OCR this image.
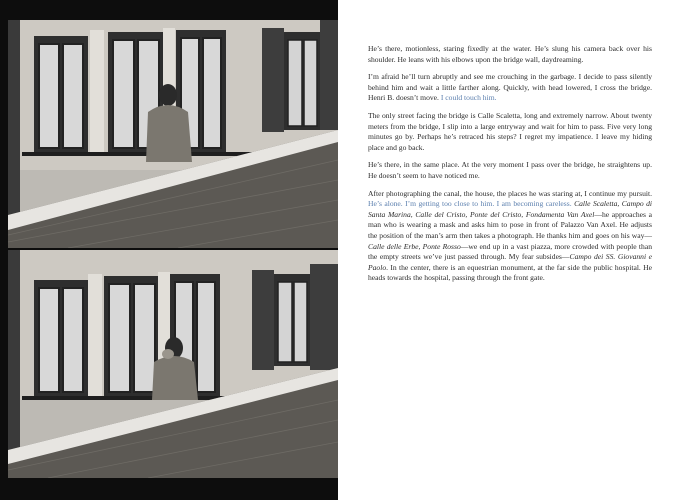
He’s there, motionless, staring fixedly at the water. He’s slung his camera back over his shoulder. He leans with his elbows upon the bridge wall, daydreaming.

I’m afraid he’ll turn abruptly and see me crouching in the garbage. I decide to pass silently behind him and wait a little farther along. Quickly, with head lowered, I cross the bridge. Henri B. doesn’t move. I could touch him.

The only street facing the bridge is Calle Scaletta, long and extremely narrow. About twenty meters from the bridge, I slip into a large entryway and wait for him to pass. Five very long minutes go by. Perhaps he’s retraced his steps? I regret my impatience. I leave my hiding place and go back.

He’s there, in the same place. At the very moment I pass over the bridge, he straightens up. He doesn’t seem to have noticed me.

After photographing the canal, the house, the places he was staring at, I continue my pursuit. He’s alone. I’m getting too close to him. I am becoming careless. Calle Scaletta, Campo di Santa Marina, Calle del Cristo, Ponte del Cristo, Fondamenta Van Axel—he approaches a man who is wearing a mask and asks him to pose in front of Palazzo Van Axel. He adjusts the position of the man’s arm then takes a photograph. He thanks him and goes on his way—Calle delle Erbe, Ponte Rosso—we end up in a vast piazza, more crowded with people than the empty streets we’ve just passed through. My fear subsides—Campo dei SS. Giovanni e Paolo. In the center, there is an equestrian monument, at the far side the public hospital. He heads towards the hospital, passing through the front gate.
